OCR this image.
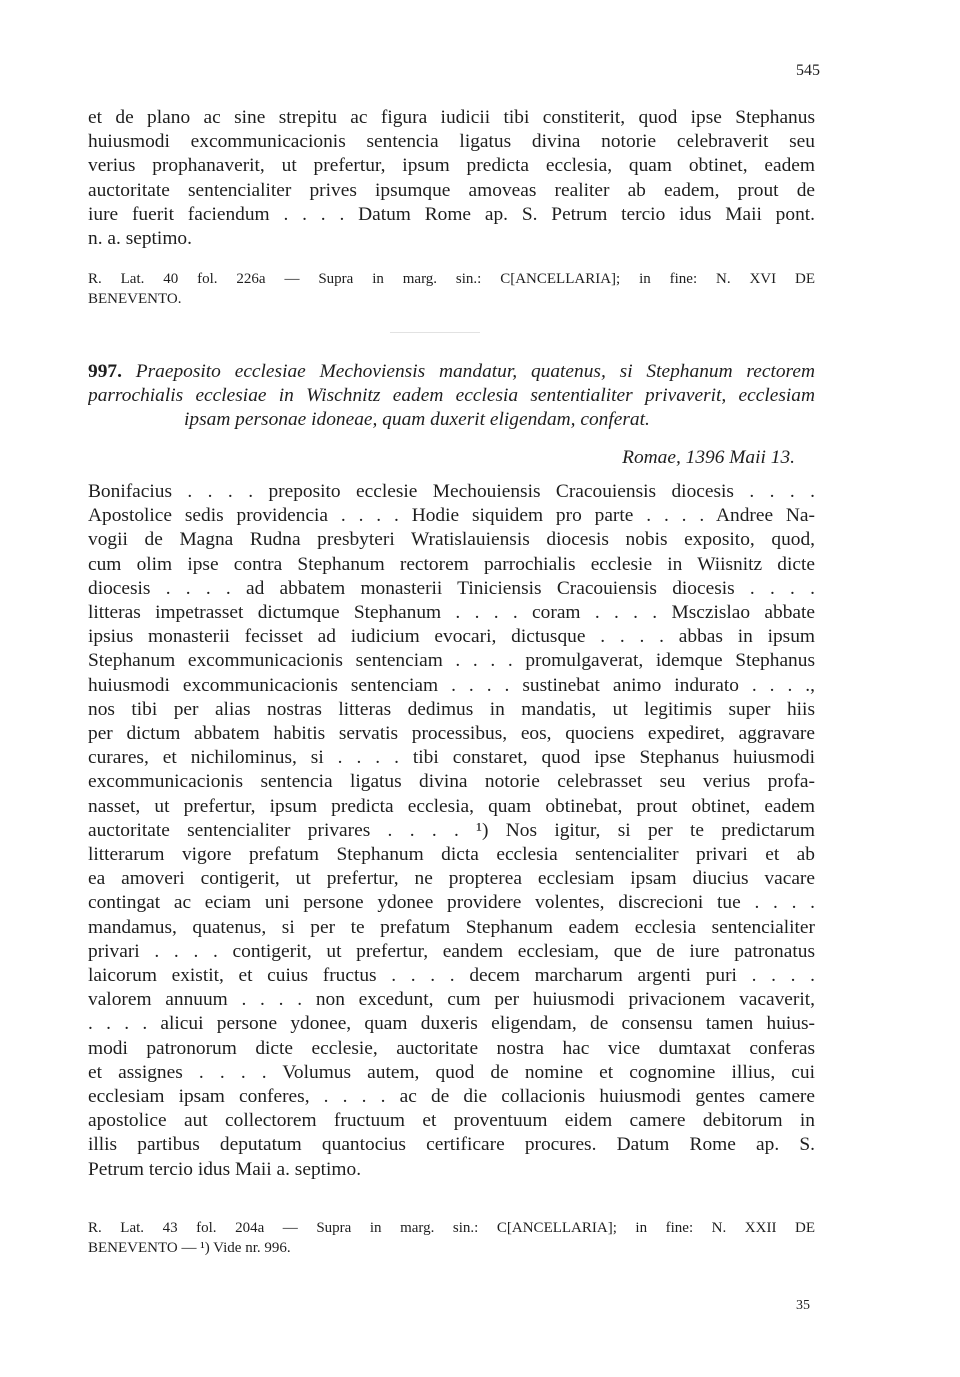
545
et de plano ac sine strepitu ac figura iudicii tibi constiterit, quod ipse Stephanus
huiusmodi excommunicacionis sentencia ligatus divina notorie celebraverit seu
verius prophanaverit, ut prefertur, ipsum predicta ecclesia, quam obtinet, eadem
auctoritate sentencialiter prives ipsumque amoveas realiter ab eadem, prout de
iure fuerit faciendum . . . . Datum Rome ap. S. Petrum tercio idus Maii pont.
n. a. septimo.
R. Lat. 40 fol. 226a — Supra in marg. sin.: C[ANCELLARIA]; in fine: N. XVI DE
BENEVENTO.
997. Praeposito ecclesiae Mechoviensis mandatur, quatenus, si Stephanum rectorem
parrochialis ecclesiae in Wischnitz eadem ecclesia sententialiter privaverit, ecclesiam
ipsam personae idoneae, quam duxerit eligendam, conferat.
Romae, 1396 Maii 13.
Bonifacius . . . . preposito ecclesie Mechouiensis Cracouiensis diocesis . . . .
Apostolice sedis providencia . . . . Hodie siquidem pro parte . . . . Andree Na-
vogii de Magna Rudna presbyteri Wratislauiensis diocesis nobis exposito, quod,
cum olim ipse contra Stephanum rectorem parrochialis ecclesie in Wiisnitz dicte
diocesis . . . . ad abbatem monasterii Tiniciensis Cracouiensis diocesis . . . .
litteras impetrasset dictumque Stephanum . . . . coram . . . . Msczislao abbate
ipsius monasterii fecisset ad iudicium evocari, dictusque . . . . abbas in ipsum
Stephanum excommunicacionis sentenciam . . . . promulgaverat, idemque Stephanus
huiusmodi excommunicacionis sentenciam . . . . sustinebat animo indurato . . . .,
nos tibi per alias nostras litteras dedimus in mandatis, ut legitimis super hiis
per dictum abbatem habitis servatis processibus, eos, quociens expediret, aggravare
curares, et nichilominus, si . . . . tibi constaret, quod ipse Stephanus huiusmodi
excommunicacionis sentencia ligatus divina notorie celebrasset seu verius profa-
nasset, ut prefertur, ipsum predicta ecclesia, quam obtinebat, prout obtinet, eadem
auctoritate sentencialiter privares . . . . ¹) Nos igitur, si per te predictarum
litterarum vigore prefatum Stephanum dicta ecclesia sentencialiter privari et ab
ea amoveri contigerit, ut prefertur, ne propterea ecclesiam ipsam diucius vacare
contingat ac eciam uni persone ydonee providere volentes, discrecioni tue . . . .
mandamus, quatenus, si per te prefatum Stephanum eadem ecclesia sentencialiter
privari . . . . contigerit, ut prefertur, eandem ecclesiam, que de iure patronatus
laicorum existit, et cuius fructus . . . . decem marcharum argenti puri . . . .
valorem annuum . . . . non excedunt, cum per huiusmodi privacionem vacaverit,
. . . . alicui persone ydonee, quam duxeris eligendam, de consensu tamen huius-
modi patronorum dicte ecclesie, auctoritate nostra hac vice dumtaxat conferas
et assignes . . . . Volumus autem, quod de nomine et cognomine illius, cui
ecclesiam ipsam conferes, . . . . ac de die collacionis huiusmodi gentes camere
apostolice aut collectorem fructuum et proventuum eidem camere debitorum in
illis partibus deputatum quantocius certificare procures. Datum Rome ap. S.
Petrum tercio idus Maii a. septimo.
R. Lat. 43 fol. 204a — Supra in marg. sin.: C[ANCELLARIA]; in fine: N. XXII DE
BENEVENTO — ¹) Vide nr. 996.
35
